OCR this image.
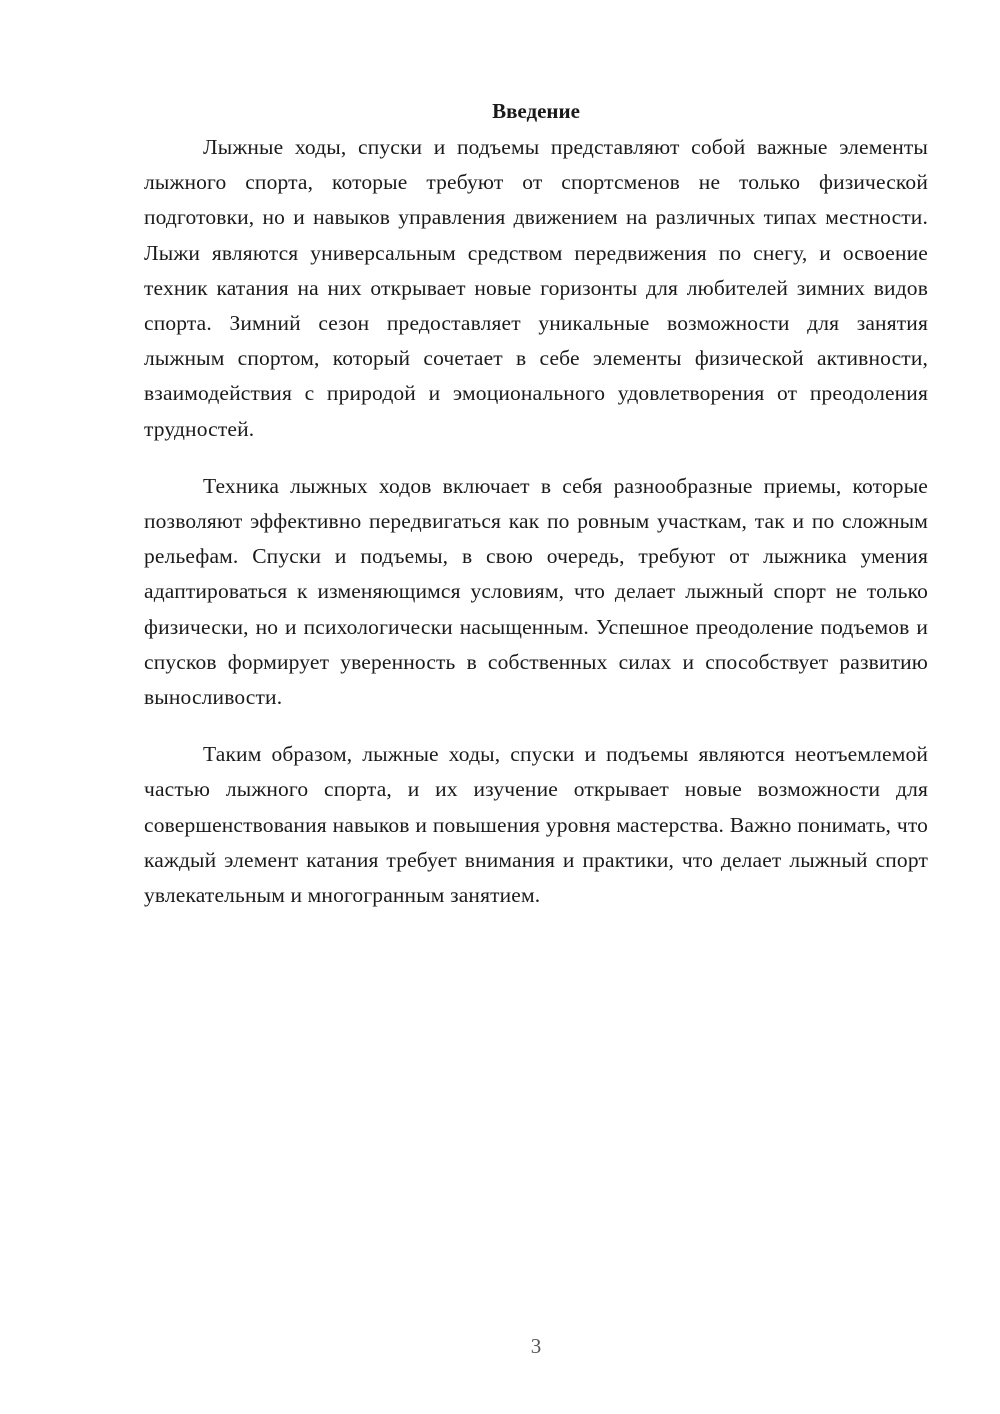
Введение

Лыжные ходы, спуски и подъемы представляют собой важные элементы лыжного спорта, которые требуют от спортсменов не только физической подготовки, но и навыков управления движением на различных типах местности. Лыжи являются универсальным средством передвижения по снегу, и освоение техник катания на них открывает новые горизонты для любителей зимних видов спорта. Зимний сезон предоставляет уникальные возможности для занятия лыжным спортом, который сочетает в себе элементы физической активности, взаимодействия с природой и эмоционального удовлетворения от преодоления трудностей.

Техника лыжных ходов включает в себя разнообразные приемы, которые позволяют эффективно передвигаться как по ровным участкам, так и по сложным рельефам. Спуски и подъемы, в свою очередь, требуют от лыжника умения адаптироваться к изменяющимся условиям, что делает лыжный спорт не только физически, но и психологически насыщенным. Успешное преодоление подъемов и спусков формирует уверенность в собственных силах и способствует развитию выносливости.

Таким образом, лыжные ходы, спуски и подъемы являются неотъемлемой частью лыжного спорта, и их изучение открывает новые возможности для совершенствования навыков и повышения уровня мастерства. Важно понимать, что каждый элемент катания требует внимания и практики, что делает лыжный спорт увлекательным и многогранным занятием.

3
